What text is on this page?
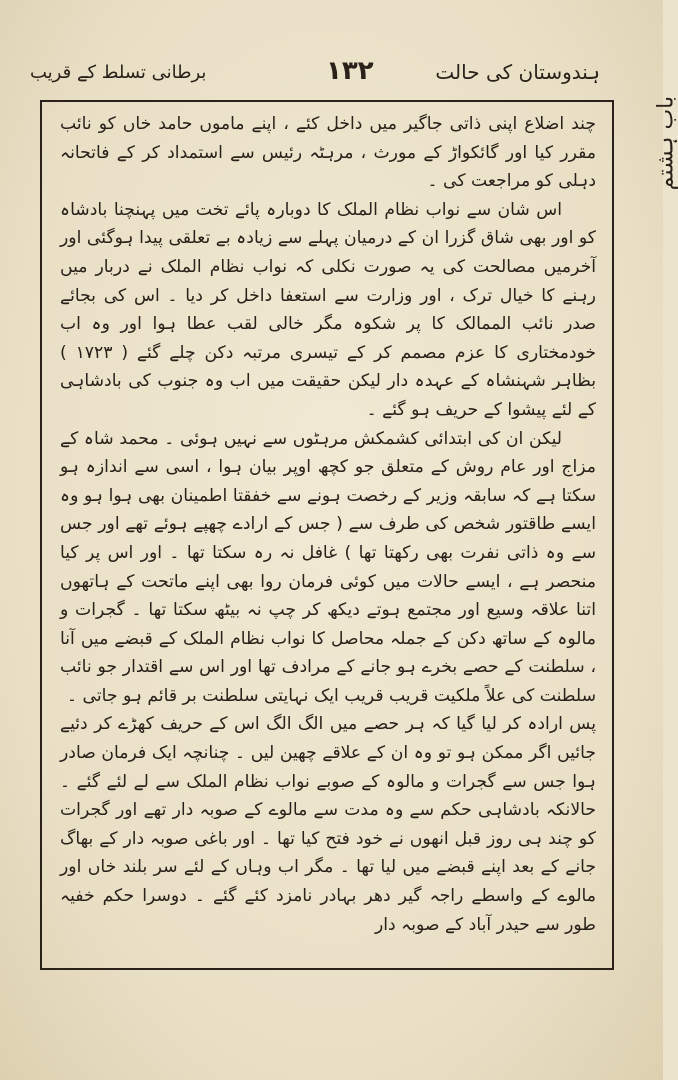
ہندوستان کی حالت
۱۳۲
برطانی تسلط کے قریب
باب ہشتم

چند اضلاع اپنی ذاتی جاگیر میں داخل کئے ، اپنے ماموں حامد خاں کو نائب مقرر کیا اور گائکواڑ کے مورث ، مرہٹہ رئیس سے استمداد کر کے فاتحانہ دہلی کو مراجعت کی ۔

اس شان سے نواب نظام الملک کا دوبارہ پائے تخت میں پہنچنا بادشاہ کو اور بھی شاق گزرا ان کے درمیان پہلے سے زیادہ بے تعلقی پیدا ہوگئی اور آخرمیں مصالحت کی یہ صورت نکلی کہ نواب نظام الملک نے دربار میں رہنے کا خیال ترک ، اور وزارت سے استعفا داخل کر دیا ۔ اس کی بجائے صدر نائب الممالک کا پر شکوہ مگر خالی لقب عطا ہوا اور وہ اب خودمختاری کا عزم مصمم کر کے تیسری مرتبہ دکن چلے گئے ( ۱۷۲۳ ) بظاہر شہنشاہ کے عہدہ دار لیکن حقیقت میں اب وہ جنوب کی بادشاہی کے لئے پیشوا کے حریف ہو گئے ۔

لیکن ان کی ابتدائی کشمکش مرہٹوں سے نہیں ہوئی ۔ محمد شاہ کے مزاج اور عام روش کے متعلق جو کچھ اوپر بیان ہوا ، اسی سے اندازہ ہو سکتا ہے کہ سابقہ وزیر کے رخصت ہونے سے خفقتا اطمینان بھی ہوا ہو وہ ایسے طاقتور شخص کی طرف سے ( جس کے ارادے چھپے ہوئے تھے اور جس سے وہ ذاتی نفرت بھی رکھتا تھا ) غافل نہ رہ سکتا تھا ۔ اور اس پر کیا منحصر ہے ، ایسے حالات میں کوئی فرمان روا بھی اپنے ماتحت کے ہاتھوں اتنا علاقہ وسیع اور مجتمع ہوتے دیکھ کر چپ نہ بیٹھ سکتا تھا ۔ گجرات و مالوہ کے ساتھ دکن کے جملہ محاصل کا نواب نظام الملک کے قبضے میں آنا ، سلطنت کے حصے بخرے ہو جانے کے مرادف تھا اور اس سے اقتدار جو نائب سلطنت کی علاً ملکیت قریب قریب ایک نہایتی سلطنت بر قائم ہو جاتی ۔

پس ارادہ کر لیا گیا کہ ہر حصے میں الگ الگ اس کے حریف کھڑے کر دئیے جائیں اگر ممکن ہو تو وہ ان کے علاقے چھین لیں ۔ چنانچہ ایک فرمان صادر ہوا جس سے گجرات و مالوہ کے صوبے نواب نظام الملک سے لے لئے گئے ۔ حالانکہ بادشاہی حکم سے وہ مدت سے مالوے کے صوبہ دار تھے اور گجرات کو چند ہی روز قبل انھوں نے خود فتح کیا تھا ۔ اور باغی صوبہ دار کے بھاگ جانے کے بعد اپنے قبضے میں لیا تھا ۔ مگر اب وہاں کے لئے سر بلند خاں اور مالوے کے واسطے راجہ گیر دھر بہادر نامزد کئے گئے ۔ دوسرا حکم خفیہ طور سے حیدر آباد کے صوبہ دار
